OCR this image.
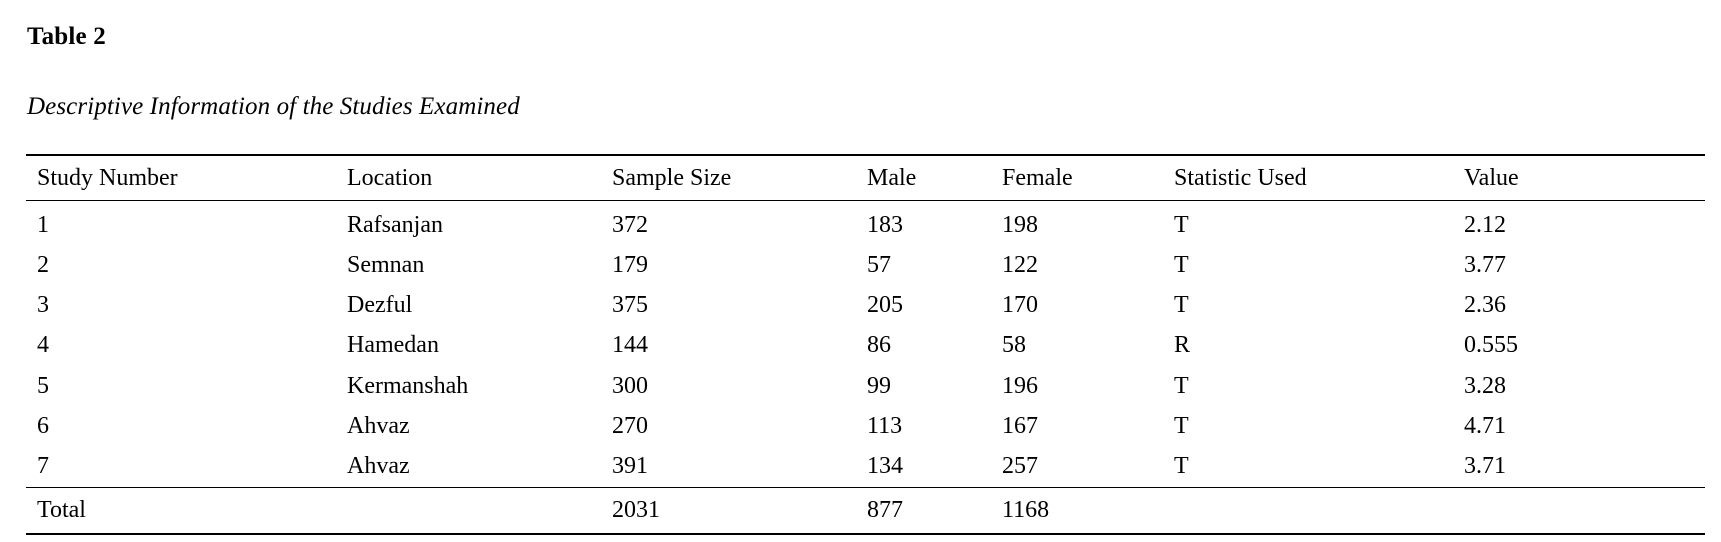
Table 2
Descriptive Information of the Studies Examined
Study Number	Location	Sample Size	Male	Female	Statistic Used	Value
1	Rafsanjan	372	183	198	T	2.12
2	Semnan	179	57	122	T	3.77
3	Dezful	375	205	170	T	2.36
4	Hamedan	144	86	58	R	0.555
5	Kermanshah	300	99	196	T	3.28
6	Ahvaz	270	113	167	T	4.71
7	Ahvaz	391	134	257	T	3.71
Total		2031	877	1168		
